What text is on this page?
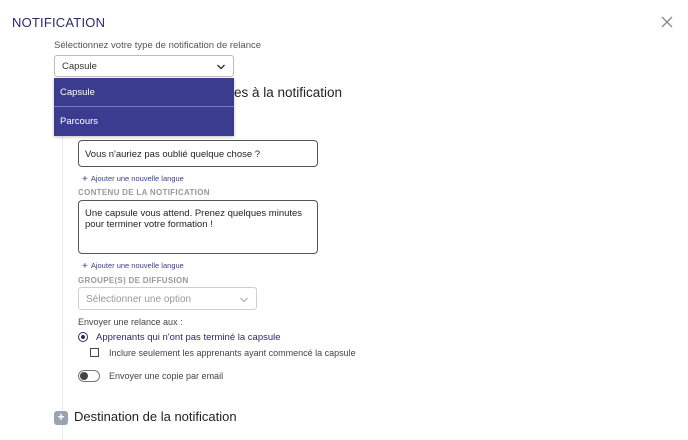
NOTIFICATION
Sélectionnez votre type de notification de relance
Capsule
es à la notification
Vous n'auriez pas oublié quelque chose ?
+ Ajouter une nouvelle langue
CONTENU DE LA NOTIFICATION
Une capsule vous attend. Prenez quelques minutes pour terminer votre formation !
+ Ajouter une nouvelle langue
GROUPE(S) DE DIFFUSION
Sélectionner une option
Envoyer une relance aux :
Apprenants qui n'ont pas terminé la capsule
Inclure seulement les apprenants ayant commencé la capsule
Envoyer une copie par email
+ Destination de la notification
Capsule
Parcours
